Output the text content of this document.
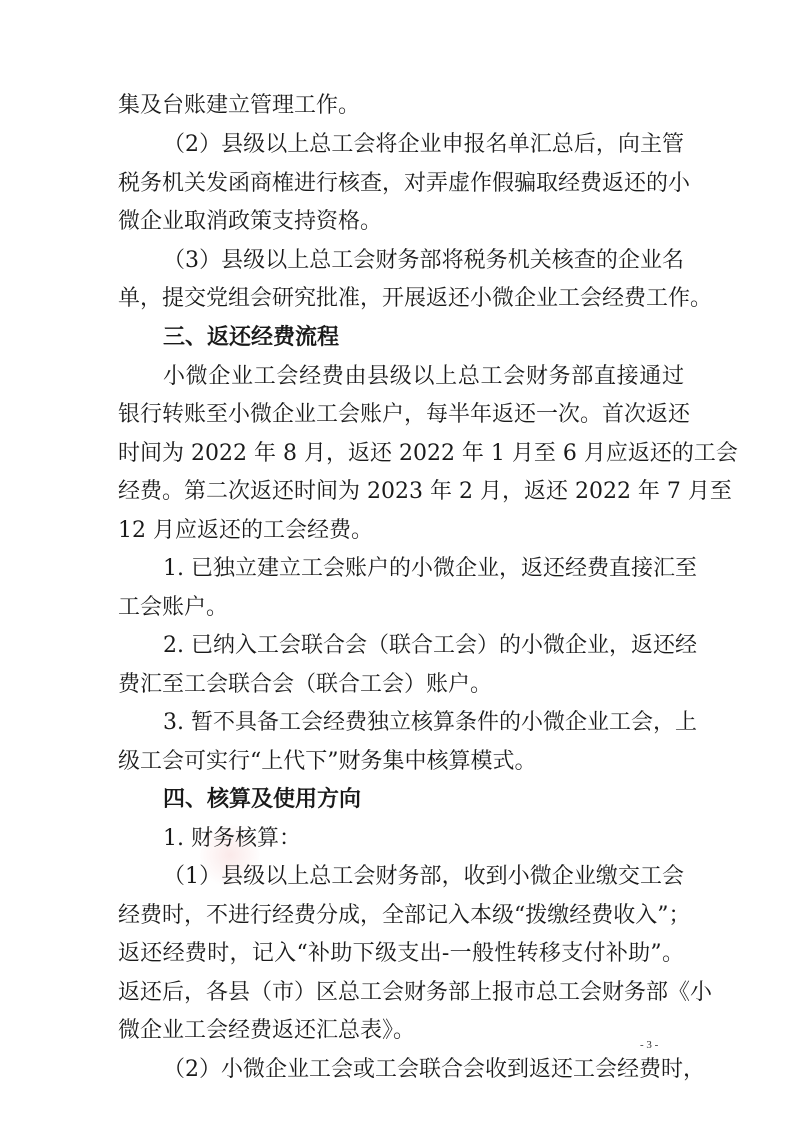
集及台账建立管理工作。
（2）县级以上总工会将企业申报名单汇总后，向主管
税务机关发函商榷进行核查，对弄虚作假骗取经费返还的小
微企业取消政策支持资格。
（3）县级以上总工会财务部将税务机关核查的企业名
单，提交党组会研究批准，开展返还小微企业工会经费工作。
三、返还经费流程
小微企业工会经费由县级以上总工会财务部直接通过
银行转账至小微企业工会账户，每半年返还一次。首次返还
时间为 2022 年 8 月，返还 2022 年 1 月至 6 月应返还的工会
经费。第二次返还时间为 2023 年 2 月，返还 2022 年 7 月至
12 月应返还的工会经费。
1. 已独立建立工会账户的小微企业，返还经费直接汇至
工会账户。
2. 已纳入工会联合会（联合工会）的小微企业，返还经
费汇至工会联合会（联合工会）账户。
3. 暂不具备工会经费独立核算条件的小微企业工会，上
级工会可实行“上代下”财务集中核算模式。
四、核算及使用方向
1. 财务核算：
（1）县级以上总工会财务部，收到小微企业缴交工会
经费时，不进行经费分成，全部记入本级“拨缴经费收入”；
返还经费时，记入“补助下级支出-一般性转移支付补助”。
返还后，各县（市）区总工会财务部上报市总工会财务部《小
微企业工会经费返还汇总表》。
（2）小微企业工会或工会联合会收到返还工会经费时，
- 3 -
